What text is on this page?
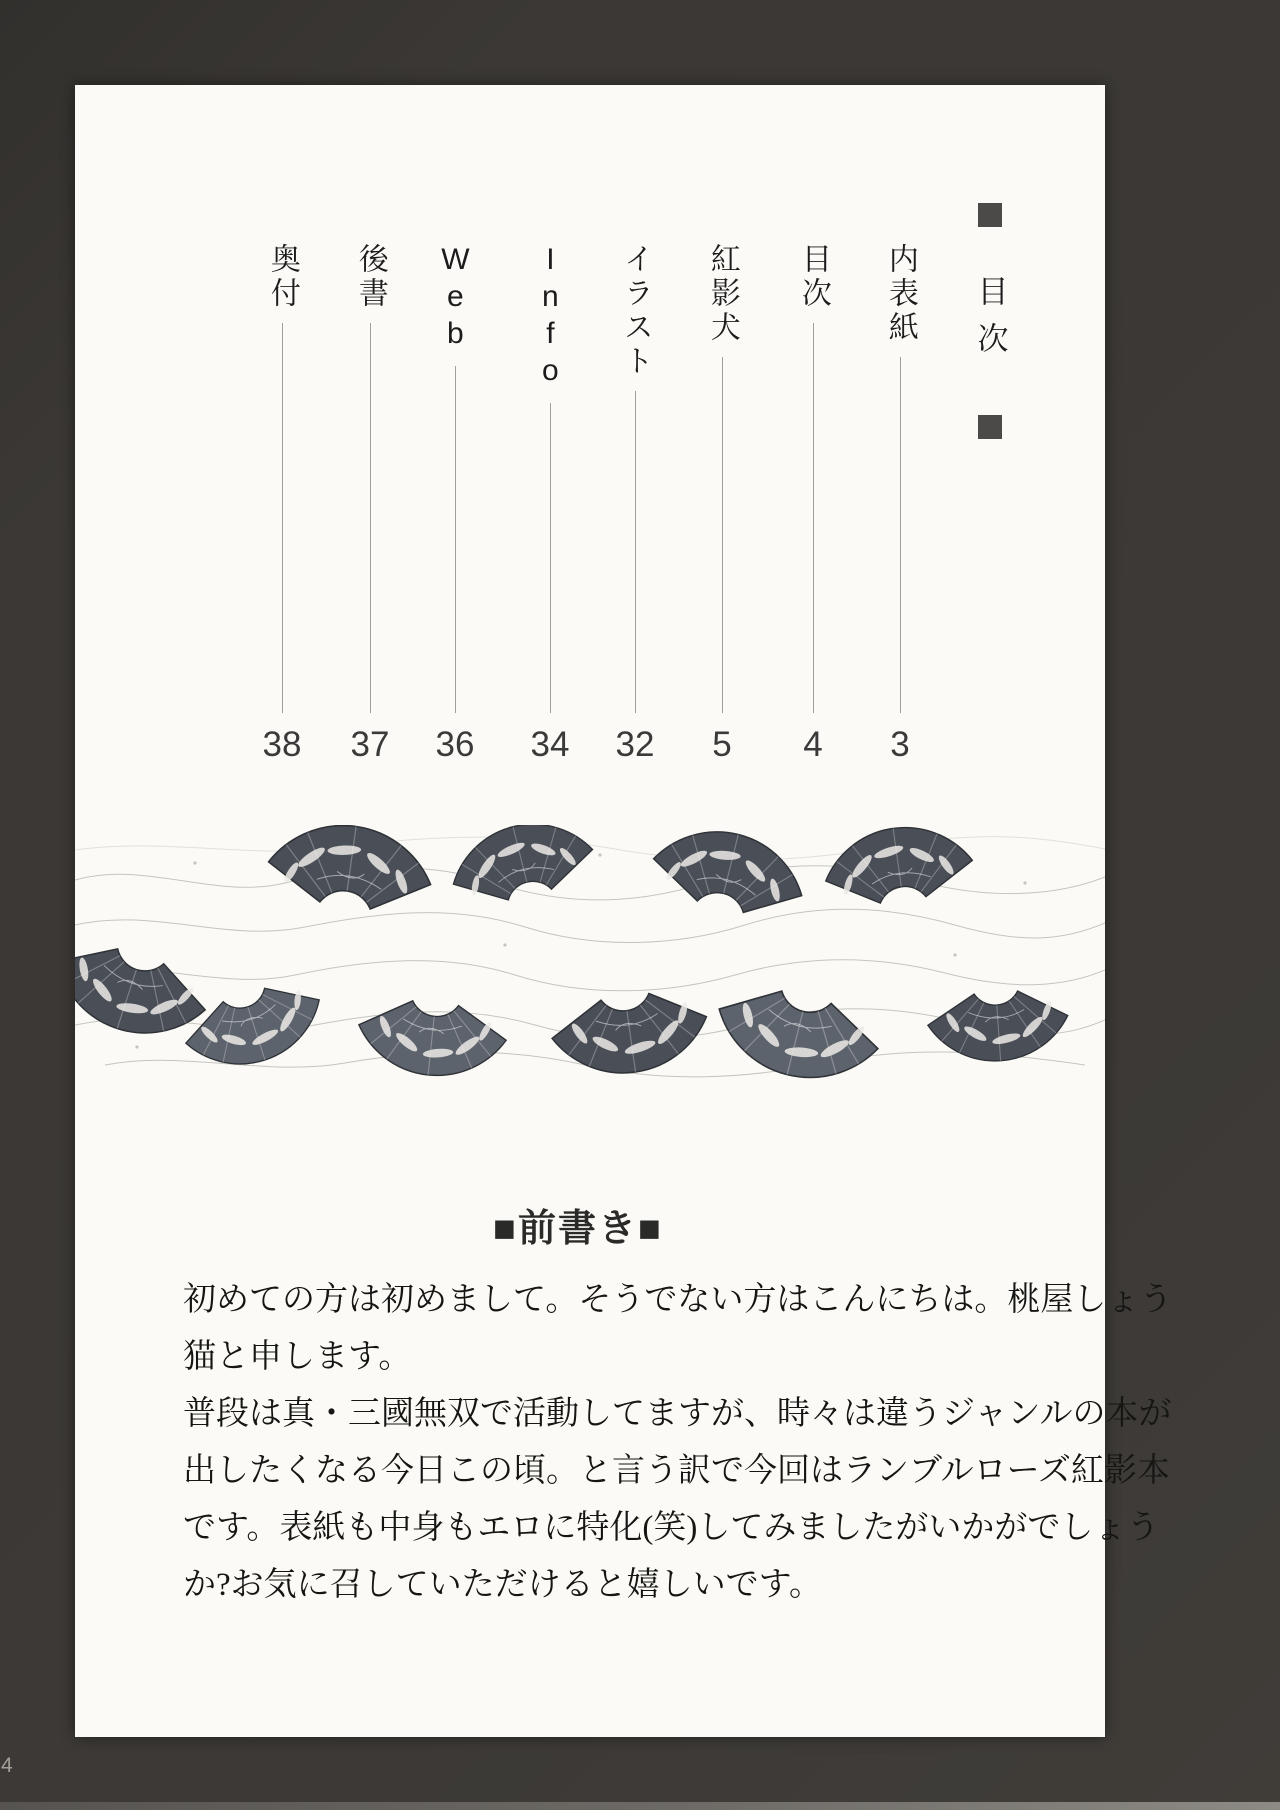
目次
内表紙
3
目次
4
紅影犬
5
イラスト
32
Info
34
Web
36
後書
37
奥付
38
■前書き■
初めての方は初めまして。そうでない方はこんにちは。桃屋しょう
猫と申します。
普段は真・三國無双で活動してますが、時々は違うジャンルの本が
出したくなる今日この頃。と言う訳で今回はランブルローズ紅影本
です。表紙も中身もエロに特化(笑)してみましたがいかがでしょう
か?お気に召していただけると嬉しいです。
4
